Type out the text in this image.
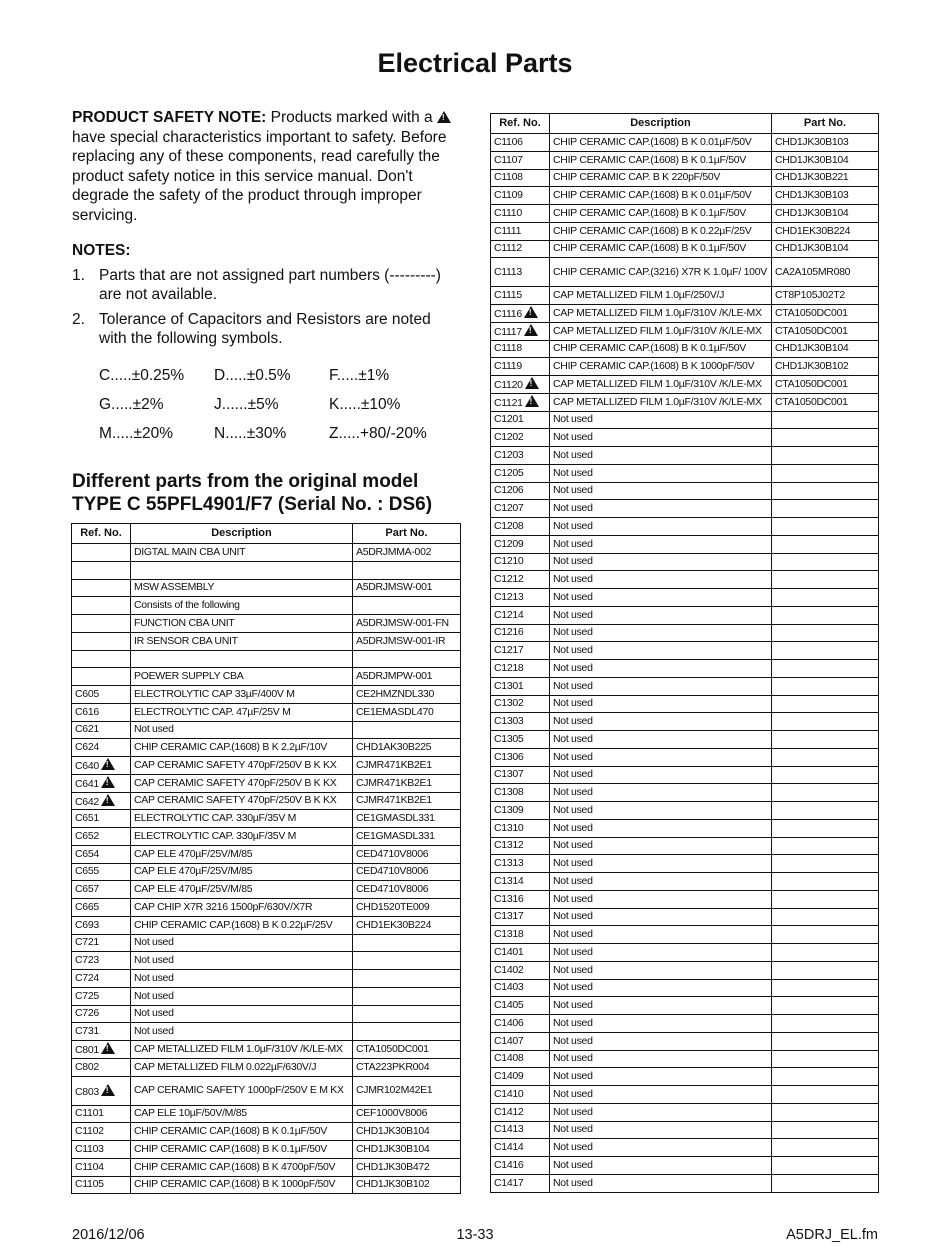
Electrical Parts

PRODUCT SAFETY NOTE: Products marked with a ! have special characteristics important to safety. Before replacing any of these components, read carefully the product safety notice in this service manual. Don't degrade the safety of the product through improper servicing.

NOTES:
1. Parts that are not assigned part numbers (---------) are not available.
2. Tolerance of Capacitors and Resistors are noted with the following symbols.
C.....±0.25%	D.....±0.5%	F.....±1%
G.....±2%	J......±5%	K.....±10%
M.....±20%	N.....±30%	Z.....+80/-20%
Different parts from the original model
TYPE C 55PFL4901/F7 (Serial No. : DS6)
Ref. No.	Description	Part No.
	DIGTAL MAIN CBA UNIT	A5DRJMMA-002

	MSW ASSEMBLY	A5DRJMSW-001
	Consists of the following	
	FUNCTION CBA UNIT	A5DRJMSW-001-FN
	IR SENSOR CBA UNIT	A5DRJMSW-001-IR

	POEWER SUPPLY CBA	A5DRJMPW-001
C605	ELECTROLYTIC CAP 33µF/400V M	CE2HMZNDL330
C616	ELECTROLYTIC CAP. 47µF/25V M	CE1EMASDL470
C621	Not used	
C624	CHIP CERAMIC CAP.(1608) B K 2.2µF/10V	CHD1AK30B225
C640!	CAP CERAMIC SAFETY 470pF/250V B K KX	CJMR471KB2E1
C641!	CAP CERAMIC SAFETY 470pF/250V B K KX	CJMR471KB2E1
C642!	CAP CERAMIC SAFETY 470pF/250V B K KX	CJMR471KB2E1
C651	ELECTROLYTIC CAP. 330µF/35V M	CE1GMASDL331
C652	ELECTROLYTIC CAP. 330µF/35V M	CE1GMASDL331
C654	CAP ELE 470µF/25V/M/85	CED4710V8006
C655	CAP ELE 470µF/25V/M/85	CED4710V8006
C657	CAP ELE 470µF/25V/M/85	CED4710V8006
C665	CAP CHIP X7R 3216 1500pF/630V/X7R	CHD1520TE009
C693	CHIP CERAMIC CAP.(1608) B K 0.22µF/25V	CHD1EK30B224
C721	Not used	
C723	Not used	
C724	Not used	
C725	Not used	
C726	Not used	
C731	Not used	
C801!	CAP METALLIZED FILM 1.0µF/310V /K/LE-MX	CTA1050DC001
C802	CAP METALLIZED FILM 0.022µF/630V/J	CTA223PKR004
C803!	CAP CERAMIC SAFETY 1000pF/250V E M KX	CJMR102M42E1
C1101	CAP ELE 10µF/50V/M/85	CEF1000V8006
C1102	CHIP CERAMIC CAP.(1608) B K 0.1µF/50V	CHD1JK30B104
C1103	CHIP CERAMIC CAP.(1608) B K 0.1µF/50V	CHD1JK30B104
C1104	CHIP CERAMIC CAP.(1608) B K 4700pF/50V	CHD1JK30B472
C1105	CHIP CERAMIC CAP.(1608) B K 1000pF/50V	CHD1JK30B102
Ref. No.	Description	Part No.
C1106	CHIP CERAMIC CAP.(1608) B K 0.01µF/50V	CHD1JK30B103
C1107	CHIP CERAMIC CAP.(1608) B K 0.1µF/50V	CHD1JK30B104
C1108	CHIP CERAMIC CAP. B K 220pF/50V	CHD1JK30B221
C1109	CHIP CERAMIC CAP.(1608) B K 0.01µF/50V	CHD1JK30B103
C1110	CHIP CERAMIC CAP.(1608) B K 0.1µF/50V	CHD1JK30B104
C1111	CHIP CERAMIC CAP.(1608) B K 0.22µF/25V	CHD1EK30B224
C1112	CHIP CERAMIC CAP.(1608) B K 0.1µF/50V	CHD1JK30B104
C1113	CHIP CERAMIC CAP.(3216) X7R K 1.0µF/ 100V	CA2A105MR080
C1115	CAP METALLIZED FILM 1.0µF/250V/J	CT8P105J02T2
C1116!	CAP METALLIZED FILM 1.0µF/310V /K/LE-MX	CTA1050DC001
C1117!	CAP METALLIZED FILM 1.0µF/310V /K/LE-MX	CTA1050DC001
C1118	CHIP CERAMIC CAP.(1608) B K 0.1µF/50V	CHD1JK30B104
C1119	CHIP CERAMIC CAP.(1608) B K 1000pF/50V	CHD1JK30B102
C1120!	CAP METALLIZED FILM 1.0µF/310V /K/LE-MX	CTA1050DC001
C1121!	CAP METALLIZED FILM 1.0µF/310V /K/LE-MX	CTA1050DC001
C1201	Not used	
C1202	Not used	
C1203	Not used	
C1205	Not used	
C1206	Not used	
C1207	Not used	
C1208	Not used	
C1209	Not used	
C1210	Not used	
C1212	Not used	
C1213	Not used	
C1214	Not used	
C1216	Not used	
C1217	Not used	
C1218	Not used	
C1301	Not used	
C1302	Not used	
C1303	Not used	
C1305	Not used	
C1306	Not used	
C1307	Not used	
C1308	Not used	
C1309	Not used	
C1310	Not used	
C1312	Not used	
C1313	Not used	
C1314	Not used	
C1316	Not used	
C1317	Not used	
C1318	Not used	
C1401	Not used	
C1402	Not used	
C1403	Not used	
C1405	Not used	
C1406	Not used	
C1407	Not used	
C1408	Not used	
C1409	Not used	
C1410	Not used	
C1412	Not used	
C1413	Not used	
C1414	Not used	
C1416	Not used	
C1417	Not used	
2016/12/06	13-33	A5DRJ_EL.fm
